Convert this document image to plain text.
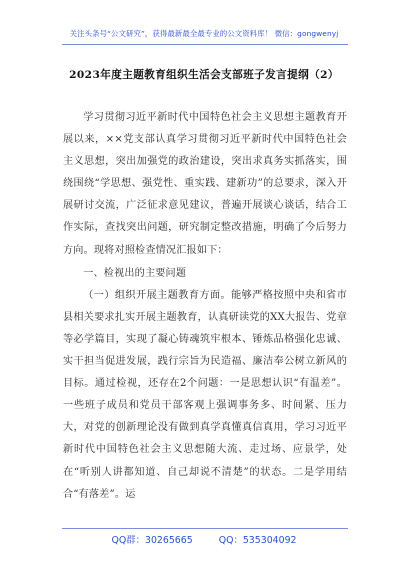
关注头条号“公文研究”，获得最新最全最专业的公文资料库！ 微信：gongwenyj
2023年度主题教育组织生活会支部班子发言提纲（2）

学习贯彻习近平新时代中国特色社会主义思想主题教育开展以来，××党支部认真学习贯彻习近平新时代中国特色社会主义思想，突出加强党的政治建设，突出求真务实抓落实，围绕围绕“学思想、强党性、重实践、建新功”的总要求，深入开展研讨交流，广泛征求意见建议，普遍开展谈心谈话，结合工作实际，查找突出问题，研究制定整改措施，明确了今后努力方向。现将对照检查情况汇报如下：

一、检视出的主要问题

（一）组织开展主题教育方面。能够严格按照中央和省市县相关要求扎实开展主题教育，认真研读党的XX大报告、党章等必学篇目，实现了凝心铸魂筑牢根本、锤炼品格强化忠诚、实干担当促进发展，践行宗旨为民造福、廉洁奉公树立新风的目标。通过检视，还存在2个问题：一是思想认识“有温差”。一些班子成员和党员干部客观上强调事务多、时间紧、压力大，对党的创新理论没有做到真学真懂真信真用，学习习近平新时代中国特色社会主义思想随大流、走过场、应景学，处在“听别人讲都知道、自己却说不清楚”的状态。二是学用结合“有落差”。运

QQ群：30265665	QQ：535304092
